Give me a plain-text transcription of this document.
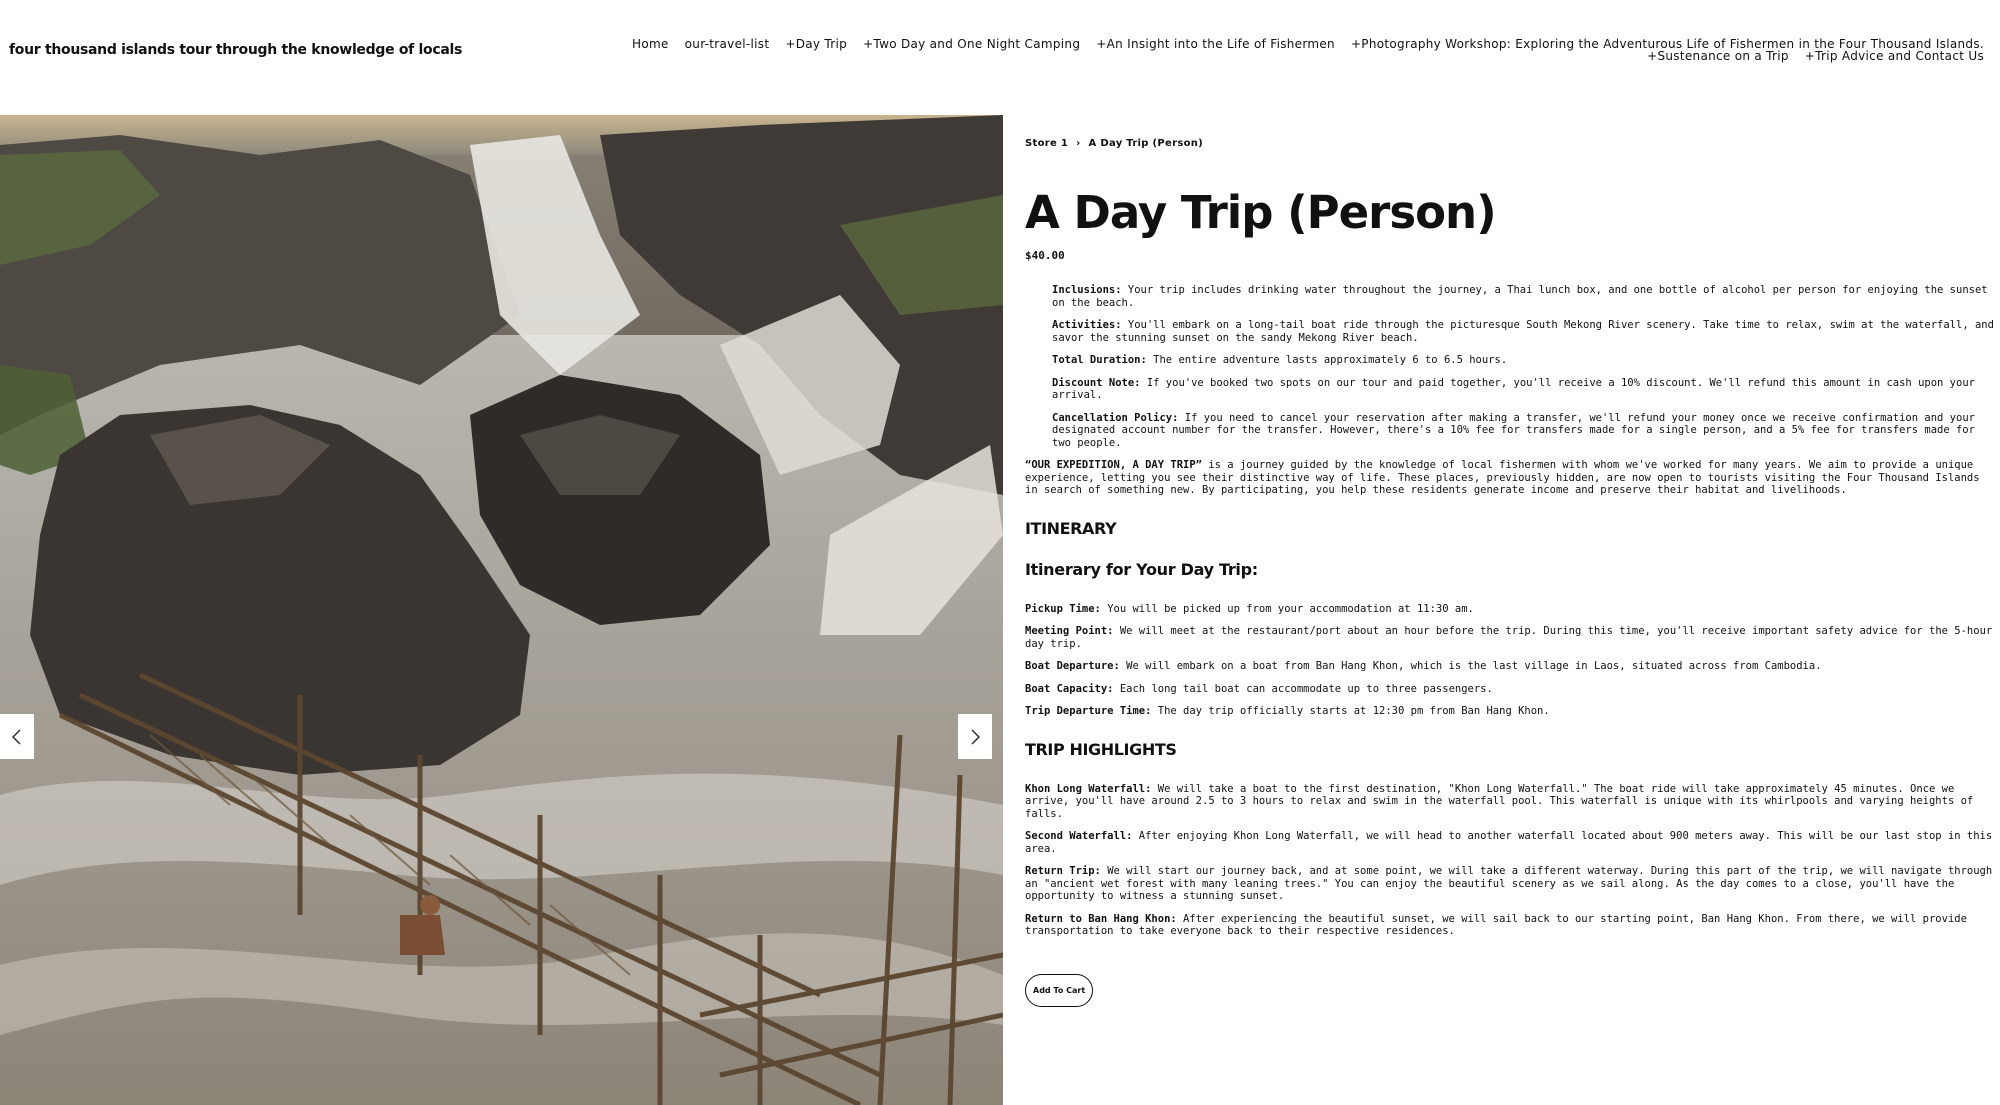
four thousand islands tour through the knowledge of locals	Home our-travel-list +Day Trip +Two Day and One Night Camping +An Insight into the Life of Fishermen +Photography Workshop: Exploring the Adventurous Life of Fishermen in the Four Thousand Islands.
+Sustenance on a Trip +Trip Advice and Contact Us
Store 1 › A Day Trip (Person)
A Day Trip (Person)
$40.00
Inclusions: Your trip includes drinking water throughout the journey, a Thai lunch box, and one bottle of alcohol per person for enjoying the sunset on the beach.
Activities: You'll embark on a long-tail boat ride through the picturesque South Mekong River scenery. Take time to relax, swim at the waterfall, and savor the stunning sunset on the sandy Mekong River beach.
Total Duration: The entire adventure lasts approximately 6 to 6.5 hours.
Discount Note: If you've booked two spots on our tour and paid together, you'll receive a 10% discount. We'll refund this amount in cash upon your arrival.
Cancellation Policy: If you need to cancel your reservation after making a transfer, we'll refund your money once we receive confirmation and your designated account number for the transfer. However, there's a 10% fee for transfers made for a single person, and a 5% fee for transfers made for two people.

“OUR EXPEDITION, A DAY TRIP” is a journey guided by the knowledge of local fishermen with whom we've worked for many years. We aim to provide a unique experience, letting you see their distinctive way of life. These places, previously hidden, are now open to tourists visiting the Four Thousand Islands in search of something new. By participating, you help these residents generate income and preserve their habitat and livelihoods.

ITINERARY
Itinerary for Your Day Trip:

Pickup Time: You will be picked up from your accommodation at 11:30 am.

Meeting Point: We will meet at the restaurant/port about an hour before the trip. During this time, you'll receive important safety advice for the 5-hour day trip.

Boat Departure: We will embark on a boat from Ban Hang Khon, which is the last village in Laos, situated across from Cambodia.

Boat Capacity: Each long tail boat can accommodate up to three passengers.

Trip Departure Time: The day trip officially starts at 12:30 pm from Ban Hang Khon.

TRIP HIGHLIGHTS

Khon Long Waterfall: We will take a boat to the first destination, "Khon Long Waterfall." The boat ride will take approximately 45 minutes. Once we arrive, you'll have around 2.5 to 3 hours to relax and swim in the waterfall pool. This waterfall is unique with its whirlpools and varying heights of falls.

Second Waterfall: After enjoying Khon Long Waterfall, we will head to another waterfall located about 900 meters away. This will be our last stop in this area.

Return Trip: We will start our journey back, and at some point, we will take a different waterway. During this part of the trip, we will navigate through an "ancient wet forest with many leaning trees." You can enjoy the beautiful scenery as we sail along. As the day comes to a close, you'll have the opportunity to witness a stunning sunset.

Return to Ban Hang Khon: After experiencing the beautiful sunset, we will sail back to our starting point, Ban Hang Khon. From there, we will provide transportation to take everyone back to their respective residences.

Add To Cart
